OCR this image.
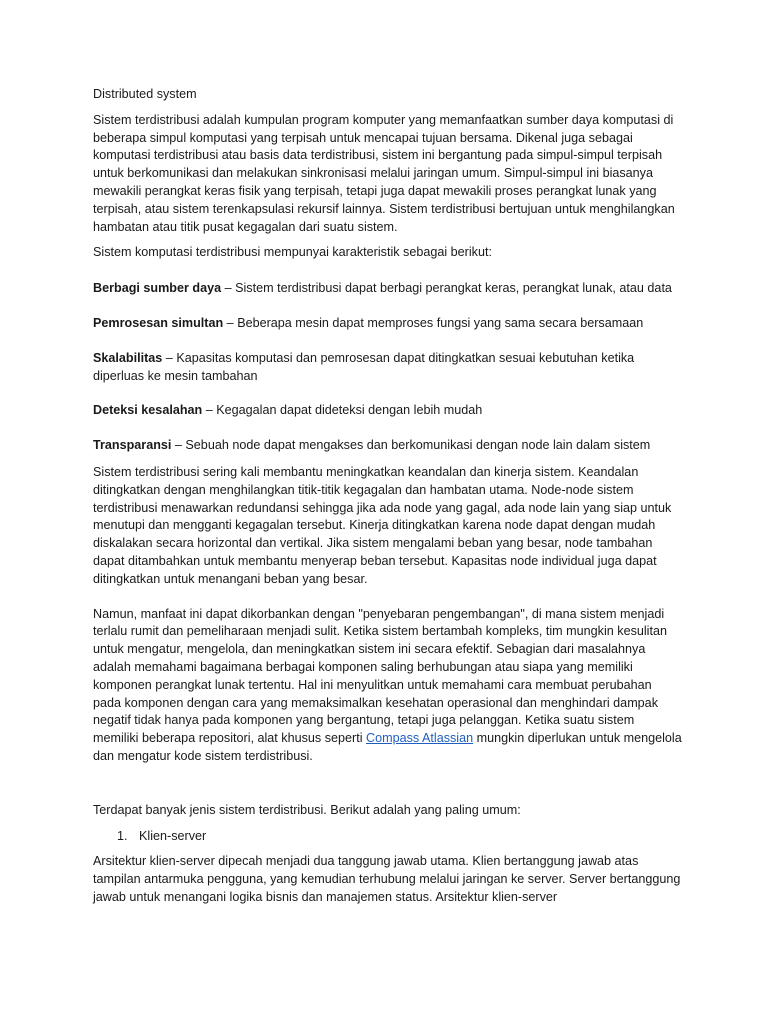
Distributed system

Sistem terdistribusi adalah kumpulan program komputer yang memanfaatkan sumber daya komputasi di beberapa simpul komputasi yang terpisah untuk mencapai tujuan bersama. Dikenal juga sebagai komputasi terdistribusi atau basis data terdistribusi, sistem ini bergantung pada simpul-simpul terpisah untuk berkomunikasi dan melakukan sinkronisasi melalui jaringan umum. Simpul-simpul ini biasanya mewakili perangkat keras fisik yang terpisah, tetapi juga dapat mewakili proses perangkat lunak yang terpisah, atau sistem terenkapsulasi rekursif lainnya. Sistem terdistribusi bertujuan untuk menghilangkan hambatan atau titik pusat kegagalan dari suatu sistem.

Sistem komputasi terdistribusi mempunyai karakteristik sebagai berikut:

Berbagi sumber daya – Sistem terdistribusi dapat berbagi perangkat keras, perangkat lunak, atau data

Pemrosesan simultan – Beberapa mesin dapat memproses fungsi yang sama secara bersamaan

Skalabilitas – Kapasitas komputasi dan pemrosesan dapat ditingkatkan sesuai kebutuhan ketika diperluas ke mesin tambahan

Deteksi kesalahan – Kegagalan dapat dideteksi dengan lebih mudah

Transparansi – Sebuah node dapat mengakses dan berkomunikasi dengan node lain dalam sistem

Sistem terdistribusi sering kali membantu meningkatkan keandalan dan kinerja sistem. Keandalan ditingkatkan dengan menghilangkan titik-titik kegagalan dan hambatan utama. Node-node sistem terdistribusi menawarkan redundansi sehingga jika ada node yang gagal, ada node lain yang siap untuk menutupi dan mengganti kegagalan tersebut. Kinerja ditingkatkan karena node dapat dengan mudah diskalakan secara horizontal dan vertikal. Jika sistem mengalami beban yang besar, node tambahan dapat ditambahkan untuk membantu menyerap beban tersebut. Kapasitas node individual juga dapat ditingkatkan untuk menangani beban yang besar.

Namun, manfaat ini dapat dikorbankan dengan "penyebaran pengembangan", di mana sistem menjadi terlalu rumit dan pemeliharaan menjadi sulit. Ketika sistem bertambah kompleks, tim mungkin kesulitan untuk mengatur, mengelola, dan meningkatkan sistem ini secara efektif. Sebagian dari masalahnya adalah memahami bagaimana berbagai komponen saling berhubungan atau siapa yang memiliki komponen perangkat lunak tertentu. Hal ini menyulitkan untuk memahami cara membuat perubahan pada komponen dengan cara yang memaksimalkan kesehatan operasional dan menghindari dampak negatif tidak hanya pada komponen yang bergantung, tetapi juga pelanggan. Ketika suatu sistem memiliki beberapa repositori, alat khusus seperti Compass Atlassian mungkin diperlukan untuk mengelola dan mengatur kode sistem terdistribusi.

Terdapat banyak jenis sistem terdistribusi. Berikut adalah yang paling umum:

1. Klien-server

Arsitektur klien-server dipecah menjadi dua tanggung jawab utama. Klien bertanggung jawab atas tampilan antarmuka pengguna, yang kemudian terhubung melalui jaringan ke server. Server bertanggung jawab untuk menangani logika bisnis dan manajemen status. Arsitektur klien-server
